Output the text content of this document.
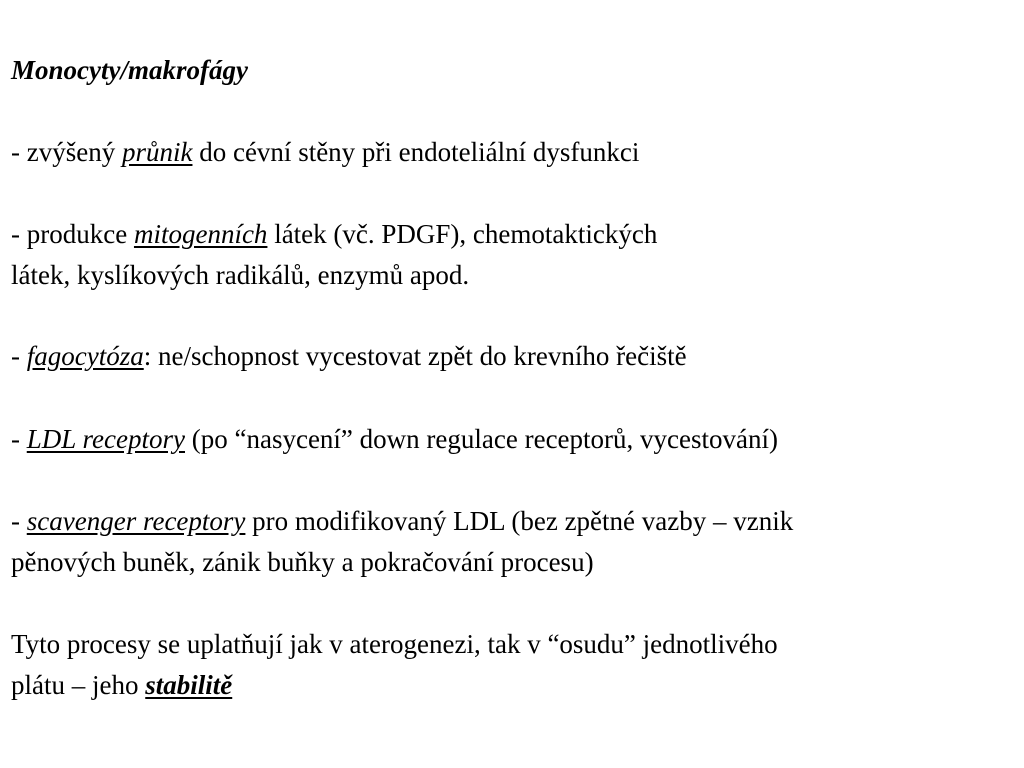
Monocyty/makrofágy
- zvýšený průnik do cévní stěny při endoteliální dysfunkci
- produkce mitogenních látek (vč. PDGF), chemotaktických
látek, kyslíkových radikálů, enzymů apod.
- fagocytóza: ne/schopnost vycestovat zpět do krevního řečiště
- LDL receptory (po “nasycení” down regulace receptorů, vycestování)
- scavenger receptory pro modifikovaný LDL (bez zpětné vazby – vznik
pěnových buněk, zánik buňky a pokračování procesu)
Tyto procesy se uplatňují jak v aterogenezi, tak v “osudu” jednotlivého
plátu – jeho stabilitě
